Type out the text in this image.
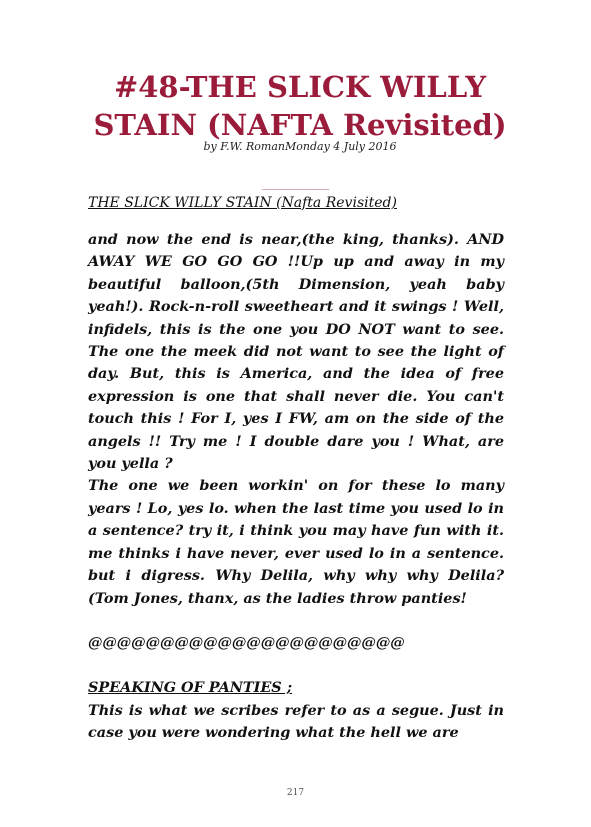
#48-THE SLICK WILLY STAIN (NAFTA Revisited)
by F.W. RomanMonday 4 July 2016
_______________
THE SLICK WILLY STAIN (Nafta Revisited)

and now the end is near,(the king, thanks). AND AWAY WE GO GO GO !!Up up and away in my beautiful balloon,(5th Dimension, yeah baby yeah!). Rock-n-roll sweetheart and it swings ! Well, infidels, this is the one you DO NOT want to see. The one the meek did not want to see the light of day. But, this is America, and the idea of free expression is one that shall never die. You can't touch this ! For I, yes I FW, am on the side of the angels !! Try me ! I double dare you ! What, are you yella ?

The one we been workin' on for these lo many years ! Lo, yes lo. when the last time you used lo in a sentence? try it, i think you may have fun with it. me thinks i have never, ever used lo in a sentence. but i digress. Why Delila, why why why Delila? (Tom Jones, thanx, as the ladies throw panties!

@@@@@@@@@@@@@@@@@@@@@@

SPEAKING OF PANTIES ;

This is what we scribes refer to as a segue. Just in case you were wondering what the hell we are

217
